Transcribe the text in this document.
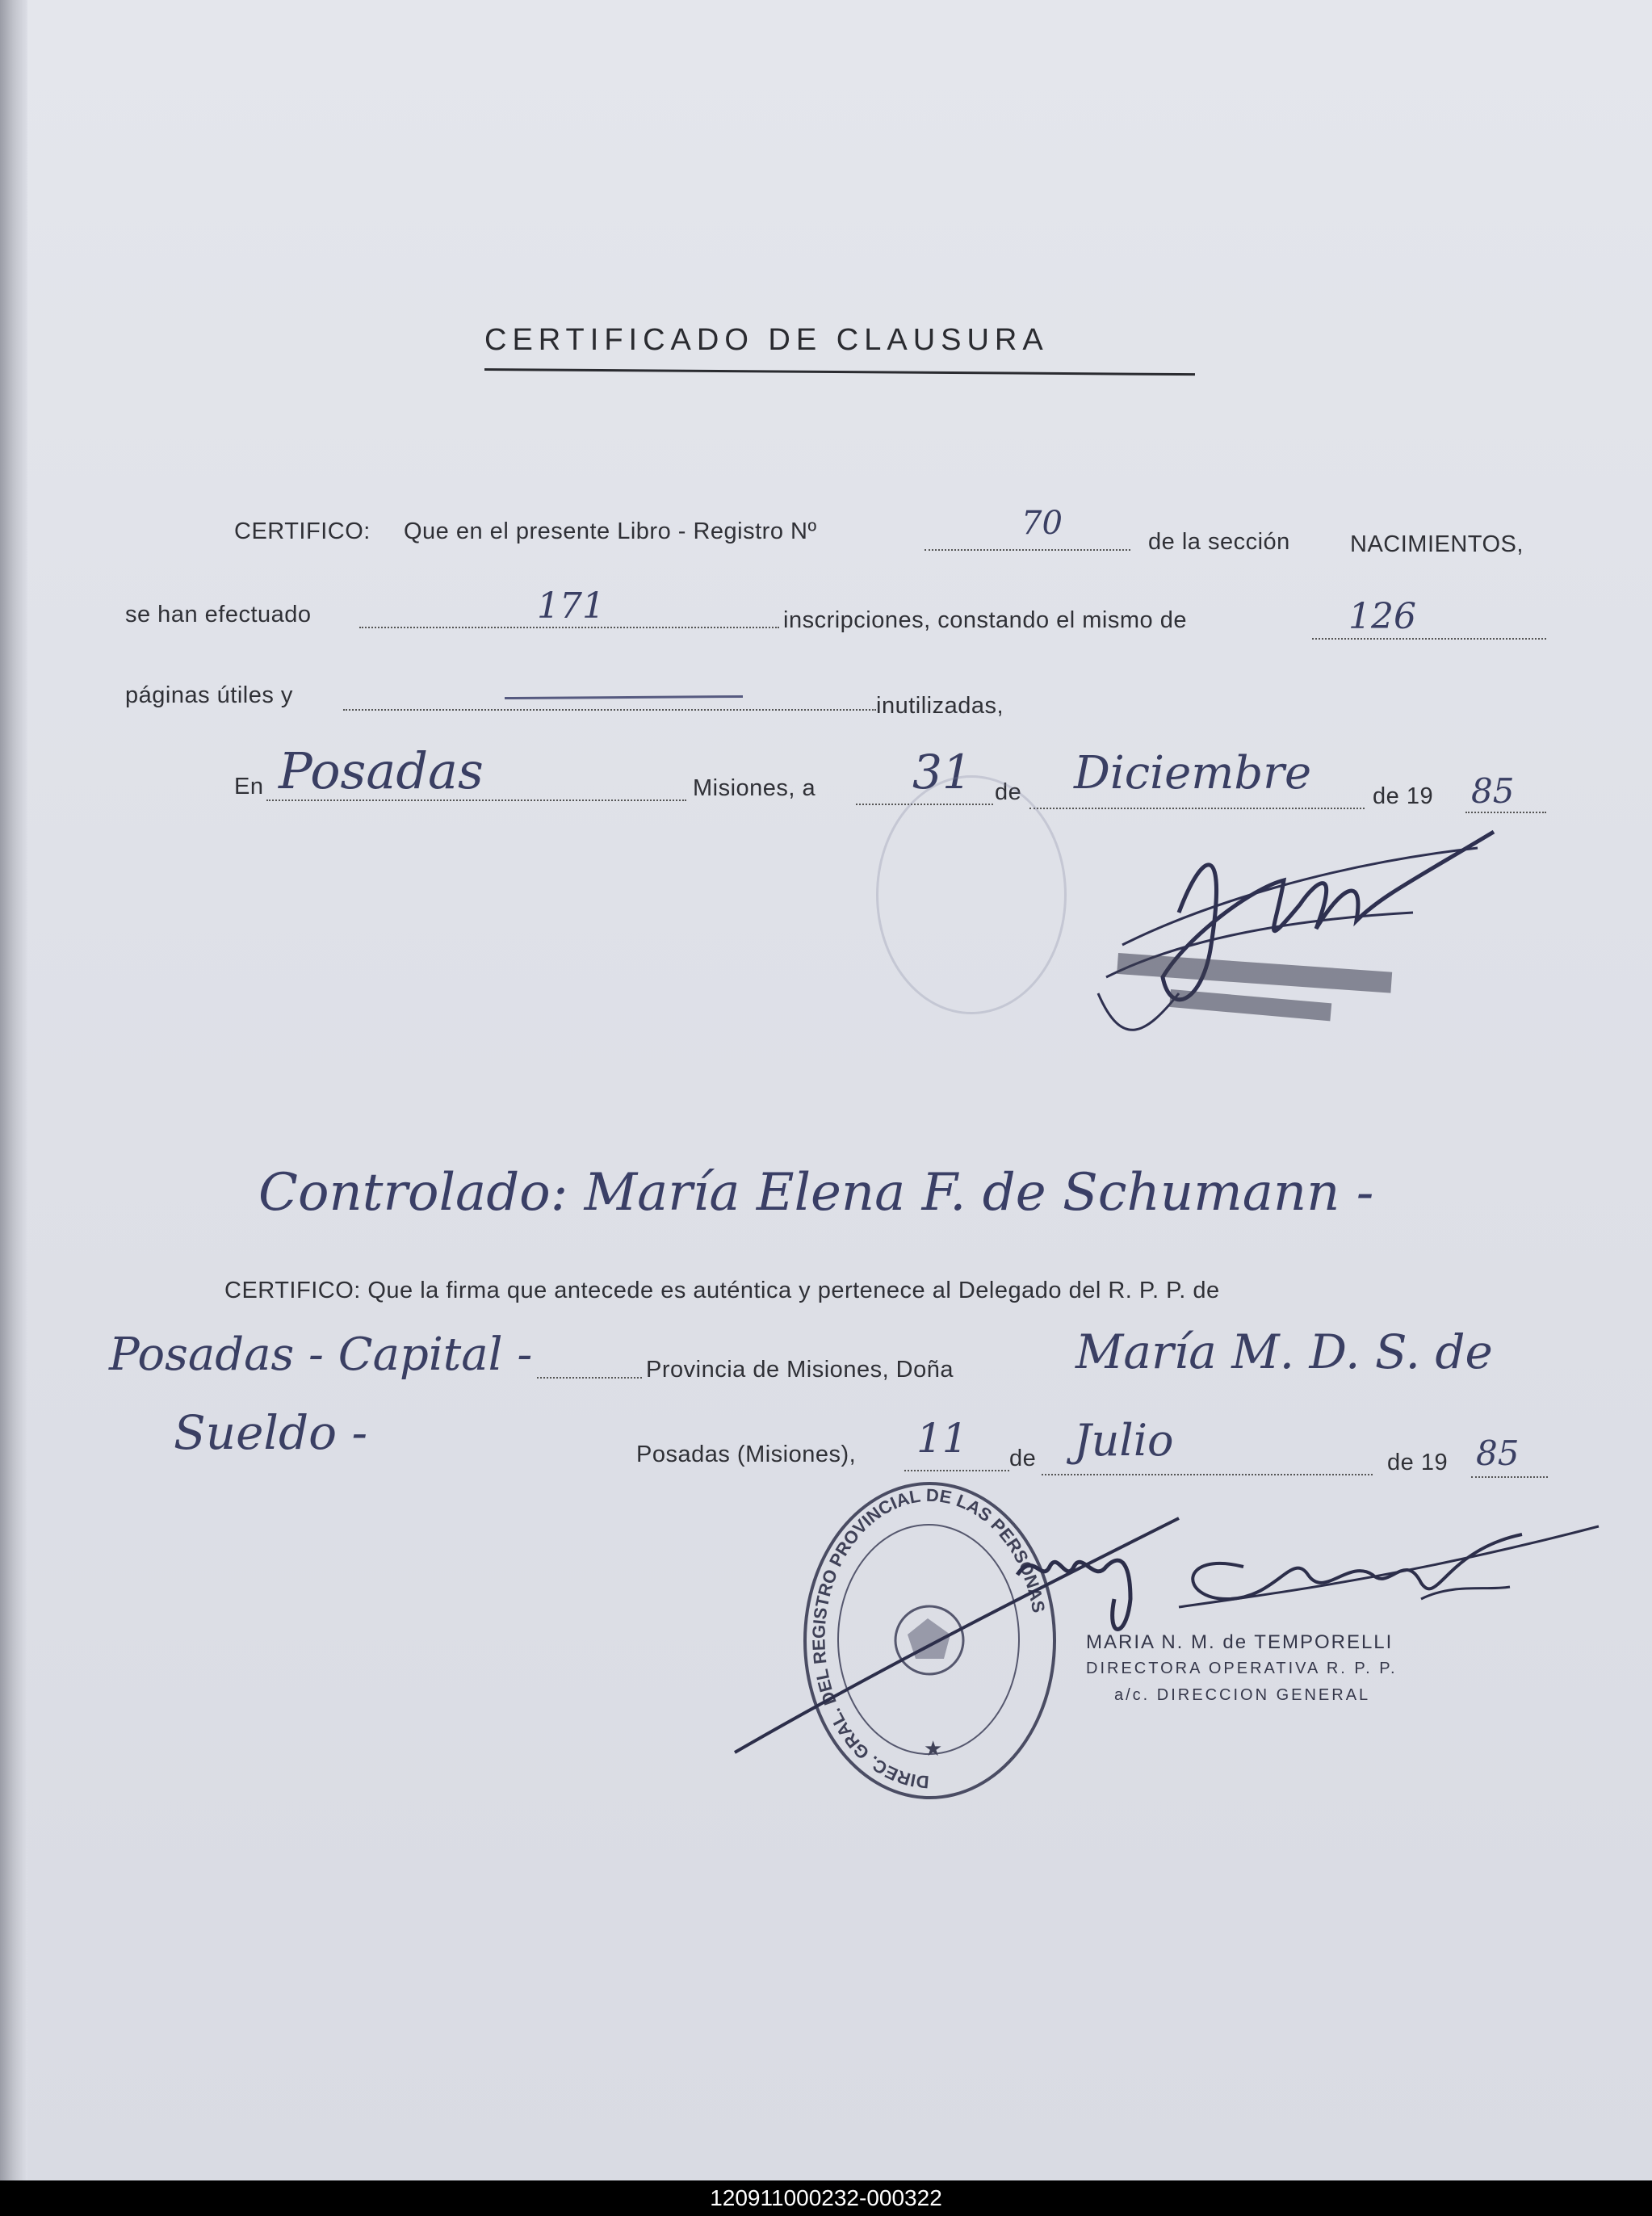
CERTIFICADO DE CLAUSURA
CERTIFICO: Que en el presente Libro - Registro Nº	70	de la sección	NACIMIENTOS,
se han efectuado	171	inscripciones, constando el mismo de	126
páginas útiles y	inutilizadas,
En Posadas	Misiones, a 31 de Diciembre	de 19 85
Controlado: María Elena F. de Schumann -
CERTIFICO: Que la firma que antecede es auténtica y pertenece al Delegado del R. P. P. de
Posadas - Capital -	Provincia de Misiones, Doña	María M. D. S. de
Sueldo -	Posadas (Misiones), 11 de Julio	de 19 85
DIREC. GRAL. DEL REGISTRO PROVINCIAL DE LAS PERSONAS
★
MARIA N. M. de TEMPORELLI
DIRECTORA OPERATIVA R. P. P.
a/c. DIRECCION GENERAL
120911000232-000322
